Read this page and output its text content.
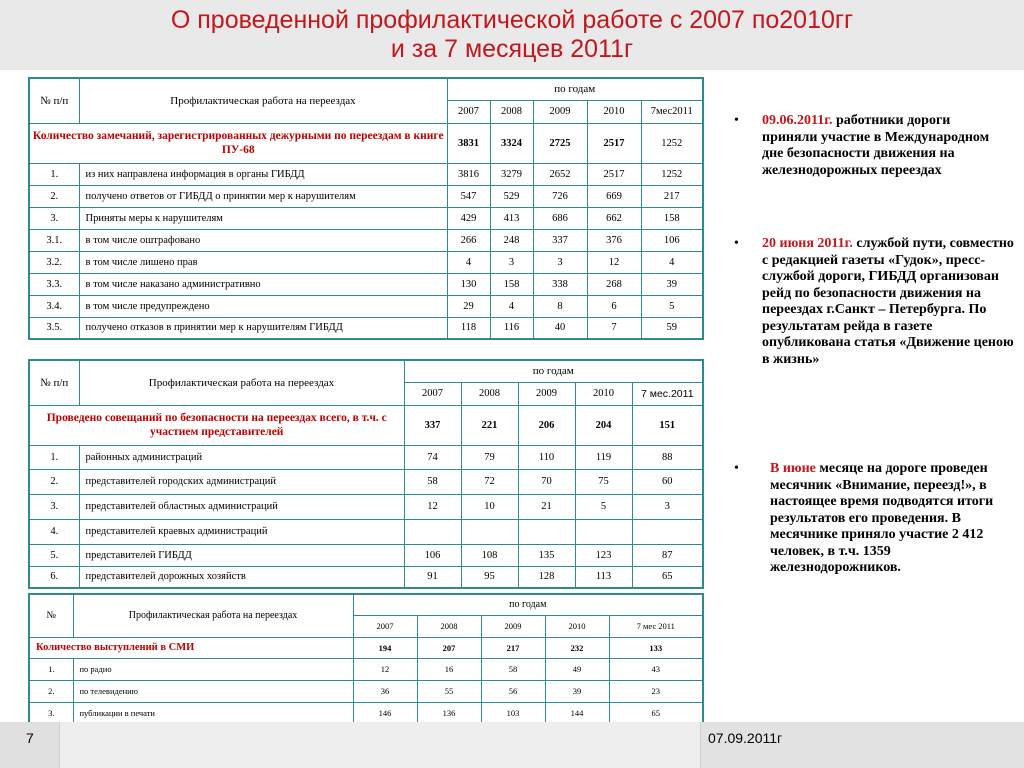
О проведенной профилактической работе с 2007 по2010гг
и за 7 месяцев 2011г
№ п/п	Профилактическая работа на переездах	по годам				
		2007	2008	2009	2010	7мес2011
Количество замечаний, зарегистрированных дежурными по переездам в книге ПУ-68		3831	3324	2725	2517	1252
1.	из них направлена информация в органы ГИБДД	3816	3279	2652	2517	1252
2.	получено ответов от ГИБДД о принятии мер к нарушителям	547	529	726	669	217
3.	Приняты меры к нарушителям	429	413	686	662	158
3.1.	в том числе оштрафовано	266	248	337	376	106
3.2.	в том числе лишено прав	4	3	3	12	4
3.3.	в том числе наказано административно	130	158	338	268	39
3.4.	в том числе предупреждено	29	4	8	6	5
3.5.	получено отказов в принятии мер к нарушителям ГИБДД	118	116	40	7	59
№ п/п	Профилактическая работа на переездах	по годам				
		2007	2008	2009	2010	7 мес.2011
Проведено совещаний по безопасности на переездах всего, в т.ч. с участием представителей		337	221	206	204	151
1.	районных администраций	74	79	110	119	88
2.	представителей городских администраций	58	72	70	75	60
3.	представителей областных администраций	12	10	21	5	3
4.	представителей краевых администраций					
5.	представителей ГИБДД	106	108	135	123	87
6.	представителей дорожных хозяйств	91	95	128	113	65
№	Профилактическая работа на переездах	по годам				
		2007	2008	2009	2010	7 мес 2011
Количество выступлений в СМИ		194	207	217	232	133
1.	по радио	12	16	58	49	43
2.	по телевидению	36	55	56	39	23
3.	публикации в печати	146	136	103	144	65
• 09.06.2011г. работники дороги приняли участие в Международном дне безопасности движения на железнодорожных переездах
• 20 июня 2011г. службой пути, совместно с редакцией газеты «Гудок», пресс- службой дороги, ГИБДД организован рейд по безопасности движения на переездах г.Санкт – Петербурга. По результатам рейда в газете опубликована статья «Движение ценою в жизнь»
• В июне месяце на дороге проведен месячник «Внимание, переезд!», в настоящее время подводятся итоги результатов его проведения. В месячнике приняло участие 2 412 человек, в т.ч. 1359 железнодорожников.
7	07.09.2011г
